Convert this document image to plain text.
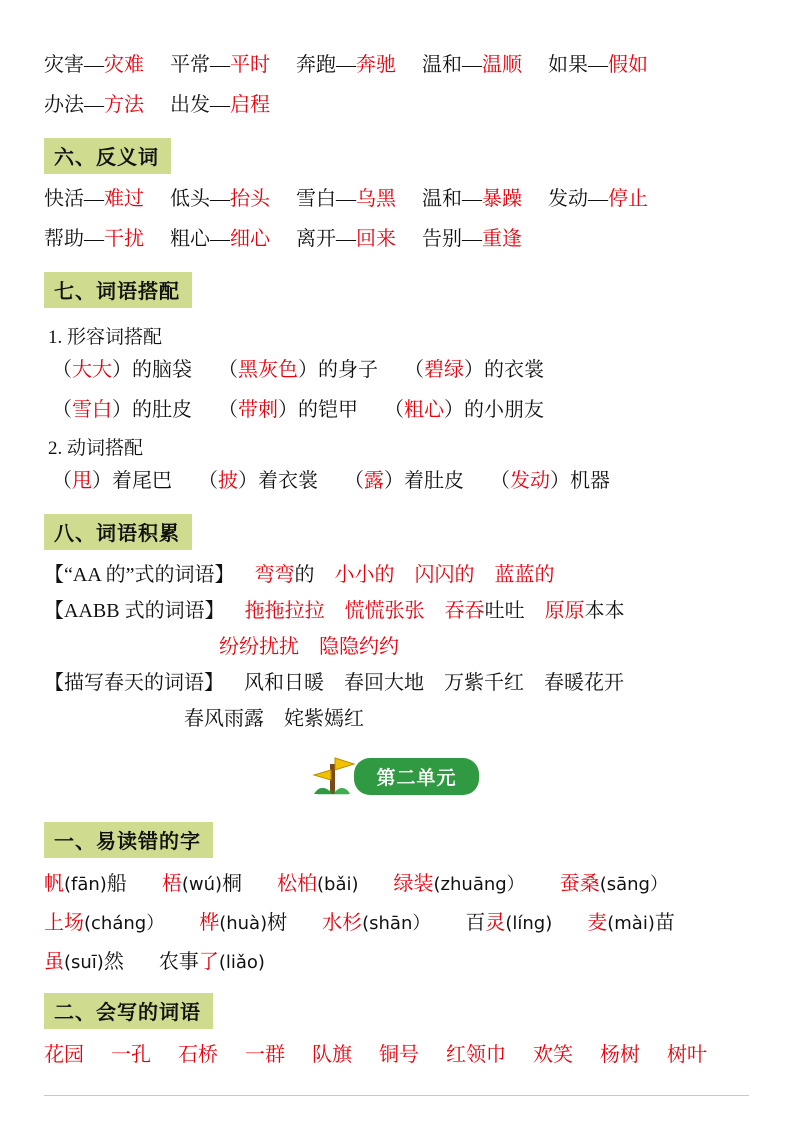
灾害—灾难 平常—平时 奔跑—奔驰 温和—温顺 如果—假如
办法—方法 出发—启程
六、反义词
快活—难过 低头—抬头 雪白—乌黑 温和—暴躁 发动—停止
帮助—干扰 粗心—细心 离开—回来 告别—重逢
七、词语搭配
1. 形容词搭配
（大大）的脑袋 （黑灰色）的身子 （碧绿）的衣裳
（雪白）的肚皮 （带刺）的铠甲 （粗心）的小朋友
2. 动词搭配
（甩）着尾巴 （披）着衣裳 （露）着肚皮 （发动）机器
八、词语积累
【“AA 的”式的词语】 弯弯的 小小的 闪闪的 蓝蓝的
【AABB 式的词语】 拖拖拉拉 慌慌张张 吞吞吐吐 原原本本
纷纷扰扰 隐隐约约
【描写春天的词语】 风和日暖 春回大地 万紫千红 春暖花开
春风雨露 姹紫嫣红
第二单元
一、易读错的字
帆(fān)船 梧(wú)桐 松柏(bǎi) 绿装(zhuāng） 蚕桑(sāng）
上场(cháng） 桦(huà)树 水杉(shān） 百灵(líng) 麦(mài)苗
虽(suī)然 农事了(liǎo)
二、会写的词语
花园 一孔 石桥 一群 队旗 铜号 红领巾 欢笑 杨树 树叶
